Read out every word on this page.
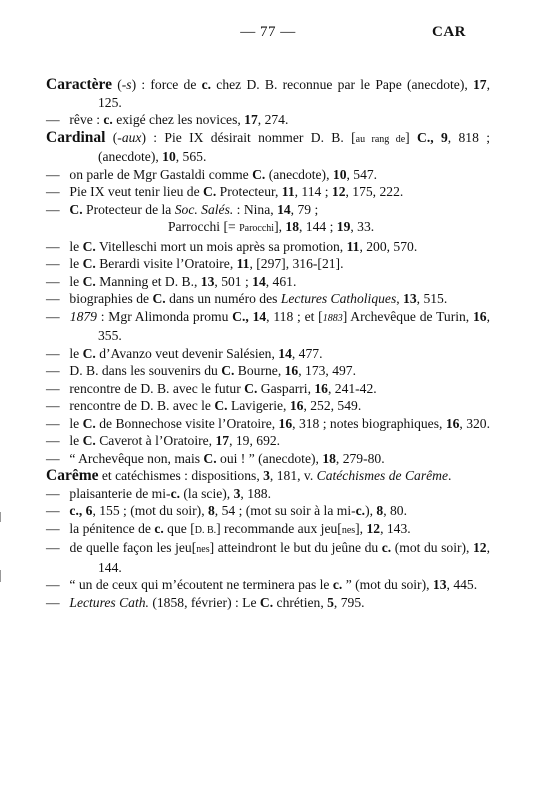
— 77 —	CAR
Caractère (-s) : force de c. chez D. B. reconnue par le Pape (anecdote), 17, 125.
— rêve : c. exigé chez les novices, 17, 274.
Cardinal (-aux) : Pie IX désirait nommer D. B. [au rang de] C., 9, 818 ; (anecdote), 10, 565.
— on parle de Mgr Gastaldi comme C. (anecdote), 10, 547.
— Pie IX veut tenir lieu de C. Protecteur, 11, 114 ; 12, 175, 222.
— C. Protecteur de la Soc. Salés. : Nina, 14, 79 ;
Parrocchi [= Parocchi], 18, 144 ; 19, 33.
— le C. Vitelleschi mort un mois après sa promotion, 11, 200, 570.
— le C. Berardi visite l’Oratoire, 11, [297], 316-[21].
— le C. Manning et D. B., 13, 501 ; 14, 461.
— biographies de C. dans un numéro des Lectures Catholiques, 13, 515.
— 1879 : Mgr Alimonda promu C., 14, 118 ; et [1883] Archevêque de Turin, 16, 355.
— le C. d’Avanzo veut devenir Salésien, 14, 477.
— D. B. dans les souvenirs du C. Bourne, 16, 173, 497.
— rencontre de D. B. avec le futur C. Gasparri, 16, 241-42.
— rencontre de D. B. avec le C. Lavigerie, 16, 252, 549.
— le C. de Bonnechose visite l’Oratoire, 16, 318 ; notes biographiques, 16, 320.
— le C. Caverot à l’Oratoire, 17, 19, 692.
— “ Archevêque non, mais C. oui ! ” (anecdote), 18, 279-80.
Carême et catéchismes : dispositions, 3, 181, v. Catéchismes de Carême.
— plaisanterie de mi-c. (la scie), 3, 188.
— c., 6, 155 ; (mot du soir), 8, 54 ; (mot su soir à la mi-c.), 8, 80.
— la pénitence de c. que [D. B.] recommande aux jeu[nes], 12, 143.
— de quelle façon les jeu[nes] atteindront le but du jeûne du c. (mot du soir), 12, 144.
— “ un de ceux qui m’écoutent ne terminera pas le c. ” (mot du soir), 13, 445.
— Lectures Cath. (1858, février) : Le C. chrétien, 5, 795.
